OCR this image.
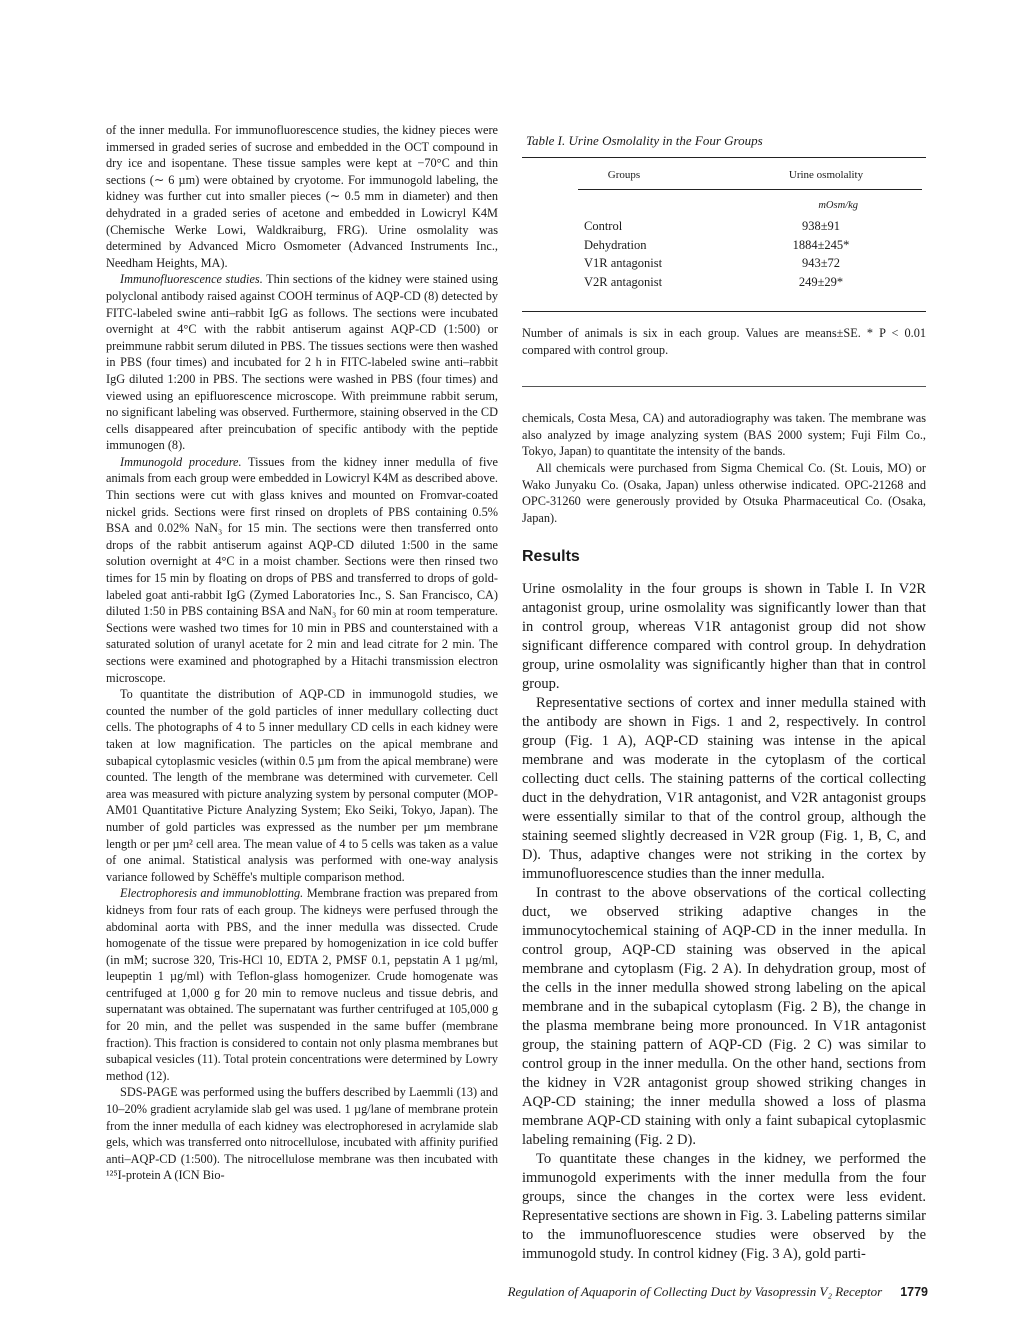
of the inner medulla. For immunofluorescence studies, the kidney pieces were immersed in graded series of sucrose and embedded in the OCT compound in dry ice and isopentane. These tissue samples were kept at −70°C and thin sections (∼ 6 µm) were obtained by cryotome. For immunogold labeling, the kidney was further cut into smaller pieces (∼ 0.5 mm in diameter) and then dehydrated in a graded series of acetone and embedded in Lowicryl K4M (Chemische Werke Lowi, Waldkraiburg, FRG). Urine osmolality was determined by Advanced Micro Osmometer (Advanced Instruments Inc., Needham Heights, MA).

Immunofluorescence studies. Thin sections of the kidney were stained using polyclonal antibody raised against COOH terminus of AQP-CD (8) detected by FITC-labeled swine anti–rabbit IgG as follows. The sections were incubated overnight at 4°C with the rabbit antiserum against AQP-CD (1:500) or preimmune rabbit serum diluted in PBS. The tissues sections were then washed in PBS (four times) and incubated for 2 h in FITC-labeled swine anti–rabbit IgG diluted 1:200 in PBS. The sections were washed in PBS (four times) and viewed using an epifluorescence microscope. With preimmune rabbit serum, no significant labeling was observed. Furthermore, staining observed in the CD cells disappeared after preincubation of specific antibody with the peptide immunogen (8).

Immunogold procedure. Tissues from the kidney inner medulla of five animals from each group were embedded in Lowicryl K4M as described above. Thin sections were cut with glass knives and mounted on Fromvar-coated nickel grids. Sections were first rinsed on droplets of PBS containing 0.5% BSA and 0.02% NaN₃ for 15 min. The sections were then transferred onto drops of the rabbit antiserum against AQP-CD diluted 1:500 in the same solution overnight at 4°C in a moist chamber. Sections were then rinsed two times for 15 min by floating on drops of PBS and transferred to drops of gold-labeled goat anti-rabbit IgG (Zymed Laboratories Inc., S. San Francisco, CA) diluted 1:50 in PBS containing BSA and NaN₃ for 60 min at room temperature. Sections were washed two times for 10 min in PBS and counterstained with a saturated solution of uranyl acetate for 2 min and lead citrate for 2 min. The sections were examined and photographed by a Hitachi transmission electron microscope.

To quantitate the distribution of AQP-CD in immunogold studies, we counted the number of the gold particles of inner medullary collecting duct cells. The photographs of 4 to 5 inner medullary CD cells in each kidney were taken at low magnification. The particles on the apical membrane and subapical cytoplasmic vesicles (within 0.5 µm from the apical membrane) were counted. The length of the membrane was determined with curvemeter. Cell area was measured with picture analyzing system by personal computer (MOP-AM01 Quantitative Picture Analyzing System; Eko Seiki, Tokyo, Japan). The number of gold particles was expressed as the number per µm membrane length or per µm² cell area. The mean value of 4 to 5 cells was taken as a value of one animal. Statistical analysis was performed with one-way analysis variance followed by Schëffe's multiple comparison method.

Electrophoresis and immunoblotting. Membrane fraction was prepared from kidneys from four rats of each group. The kidneys were perfused through the abdominal aorta with PBS, and the inner medulla was dissected. Crude homogenate of the tissue were prepared by homogenization in ice cold buffer (in mM; sucrose 320, Tris-HCl 10, EDTA 2, PMSF 0.1, pepstatin A 1 µg/ml, leupeptin 1 µg/ml) with Teflon-glass homogenizer. Crude homogenate was centrifuged at 1,000 g for 20 min to remove nucleus and tissue debris, and supernatant was obtained. The supernatant was further centrifuged at 105,000 g for 20 min, and the pellet was suspended in the same buffer (membrane fraction). This fraction is considered to contain not only plasma membranes but subapical vesicles (11). Total protein concentrations were determined by Lowry method (12).

SDS-PAGE was performed using the buffers described by Laemmli (13) and 10–20% gradient acrylamide slab gel was used. 1 µg/lane of membrane protein from the inner medulla of each kidney was electrophoresed in acrylamide slab gels, which was transferred onto nitrocellulose, incubated with affinity purified anti–AQP-CD (1:500). The nitrocellulose membrane was then incubated with ¹²⁵I-protein A (ICN Bio-

Table I. Urine Osmolality in the Four Groups
Groups	Urine osmolality
mOsm/kg
Control	938±91
Dehydration	1884±245*
V1R antagonist	943±72
V2R antagonist	249±29*
Number of animals is six in each group. Values are means±SE. * P < 0.01 compared with control group.

chemicals, Costa Mesa, CA) and autoradiography was taken. The membrane was also analyzed by image analyzing system (BAS 2000 system; Fuji Film Co., Tokyo, Japan) to quantitate the intensity of the bands.

All chemicals were purchased from Sigma Chemical Co. (St. Louis, MO) or Wako Junyaku Co. (Osaka, Japan) unless otherwise indicated. OPC-21268 and OPC-31260 were generously provided by Otsuka Pharmaceutical Co. (Osaka, Japan).

Results

Urine osmolality in the four groups is shown in Table I. In V2R antagonist group, urine osmolality was significantly lower than that in control group, whereas V1R antagonist group did not show significant difference compared with control group. In dehydration group, urine osmolality was significantly higher than that in control group.

Representative sections of cortex and inner medulla stained with the antibody are shown in Figs. 1 and 2, respectively. In control group (Fig. 1 A), AQP-CD staining was intense in the apical membrane and was moderate in the cytoplasm of the cortical collecting duct cells. The staining patterns of the cortical collecting duct in the dehydration, V1R antagonist, and V2R antagonist groups were essentially similar to that of the control group, although the staining seemed slightly decreased in V2R group (Fig. 1, B, C, and D). Thus, adaptive changes were not striking in the cortex by immunofluorescence studies than the inner medulla.

In contrast to the above observations of the cortical collecting duct, we observed striking adaptive changes in the immunocytochemical staining of AQP-CD in the inner medulla. In control group, AQP-CD staining was observed in the apical membrane and cytoplasm (Fig. 2 A). In dehydration group, most of the cells in the inner medulla showed strong labeling on the apical membrane and in the subapical cytoplasm (Fig. 2 B), the change in the plasma membrane being more pronounced. In V1R antagonist group, the staining pattern of AQP-CD (Fig. 2 C) was similar to control group in the inner medulla. On the other hand, sections from the kidney in V2R antagonist group showed striking changes in AQP-CD staining; the inner medulla showed a loss of plasma membrane AQP-CD staining with only a faint subapical cytoplasmic labeling remaining (Fig. 2 D).

To quantitate these changes in the kidney, we performed the immunogold experiments with the inner medulla from the four groups, since the changes in the cortex were less evident. Representative sections are shown in Fig. 3. Labeling patterns similar to the immunofluorescence studies were observed by the immunogold study. In control kidney (Fig. 3 A), gold parti-

Regulation of Aquaporin of Collecting Duct by Vasopressin V₂ Receptor 1779
